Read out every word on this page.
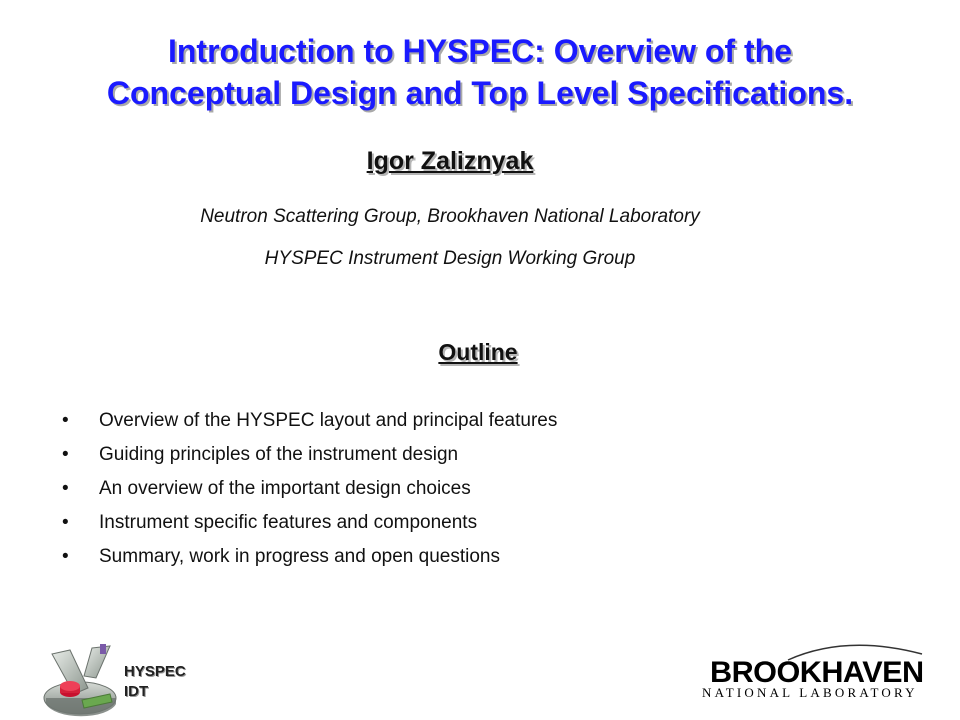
Introduction to HYSPEC: Overview of the
Conceptual Design and Top Level Specifications.
Igor Zaliznyak
Neutron Scattering Group, Brookhaven National Laboratory
HYSPEC Instrument Design Working Group
Outline
• Overview of the HYSPEC layout and principal features
• Guiding principles of the instrument design
• An overview of the important design choices
• Instrument specific features and components
• Summary, work in progress and open questions
HYSPEC
IDT
BROOKHAVEN
NATIONAL LABORATORY
